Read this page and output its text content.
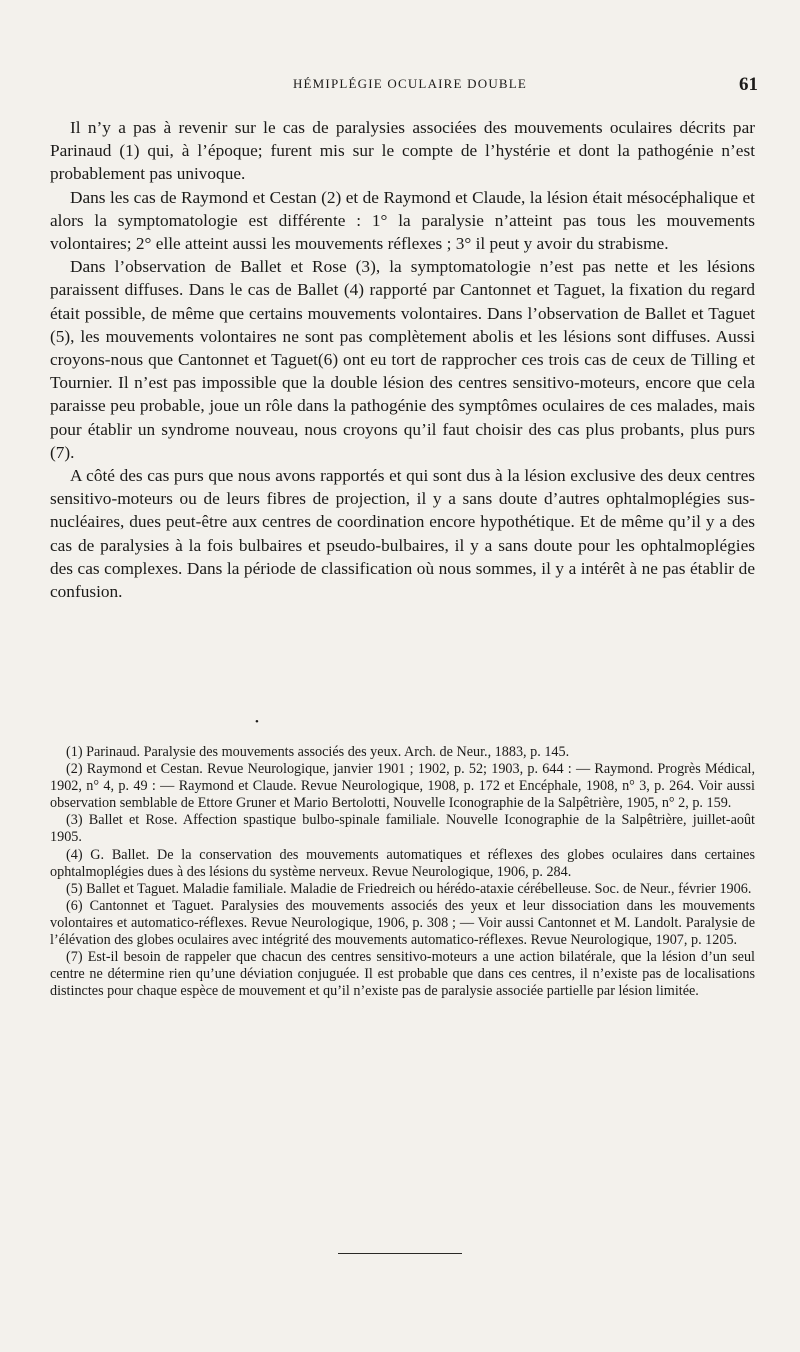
HÉMIPLÉGIE OCULAIRE DOUBLE	61

Il n’y a pas à revenir sur le cas de paralysies associées des mouvements oculaires décrits par Parinaud (1) qui, à l’époque; furent mis sur le compte de l’hystérie et dont la pathogénie n’est probablement pas univoque.

Dans les cas de Raymond et Cestan (2) et de Raymond et Claude, la lésion était mésocéphalique et alors la symptomatologie est différente : 1° la paralysie n’atteint pas tous les mouvements volontaires; 2° elle atteint aussi les mouvements réflexes ; 3° il peut y avoir du strabisme.

Dans l’observation de Ballet et Rose (3), la symptomatologie n’est pas nette et les lésions paraissent diffuses. Dans le cas de Ballet (4) rapporté par Cantonnet et Taguet, la fixation du regard était possible, de même que certains mouvements volontaires. Dans l’observation de Ballet et Taguet (5), les mouvements volontaires ne sont pas complètement abolis et les lésions sont diffuses. Aussi croyons-nous que Cantonnet et Taguet(6) ont eu tort de rapprocher ces trois cas de ceux de Tilling et Tournier. Il n’est pas impossible que la double lésion des centres sensitivo-moteurs, encore que cela paraisse peu probable, joue un rôle dans la pathogénie des symptômes oculaires de ces malades, mais pour établir un syndrome nouveau, nous croyons qu’il faut choisir des cas plus probants, plus purs (7).

A côté des cas purs que nous avons rapportés et qui sont dus à la lésion exclusive des deux centres sensitivo-moteurs ou de leurs fibres de projection, il y a sans doute d’autres ophtalmoplégies sus-nucléaires, dues peut-être aux centres de coordination encore hypothétique. Et de même qu’il y a des cas de paralysies à la fois bulbaires et pseudo-bulbaires, il y a sans doute pour les ophtalmoplégies des cas complexes. Dans la période de classification où nous sommes, il y a intérêt à ne pas établir de confusion.

•

(1) Parinaud. Paralysie des mouvements associés des yeux. Arch. de Neur., 1883, p. 145.

(2) Raymond et Cestan. Revue Neurologique, janvier 1901 ; 1902, p. 52; 1903, p. 644 : — Raymond. Progrès Médical, 1902, n° 4, p. 49 : — Raymond et Claude. Revue Neurologique, 1908, p. 172 et Encéphale, 1908, n° 3, p. 264. Voir aussi observation semblable de Ettore Gruner et Mario Bertolotti, Nouvelle Iconographie de la Salpêtrière, 1905, n° 2, p. 159.

(3) Ballet et Rose. Affection spastique bulbo-spinale familiale. Nouvelle Iconographie de la Salpêtrière, juillet-août 1905.

(4) G. Ballet. De la conservation des mouvements automatiques et réflexes des globes oculaires dans certaines ophtalmoplégies dues à des lésions du système nerveux. Revue Neurologique, 1906, p. 284.

(5) Ballet et Taguet. Maladie familiale. Maladie de Friedreich ou hérédo-ataxie cérébelleuse. Soc. de Neur., février 1906.

(6) Cantonnet et Taguet. Paralysies des mouvements associés des yeux et leur dissociation dans les mouvements volontaires et automatico-réflexes. Revue Neurologique, 1906, p. 308 ; — Voir aussi Cantonnet et M. Landolt. Paralysie de l’élévation des globes oculaires avec intégrité des mouvements automatico-réflexes. Revue Neurologique, 1907, p. 1205.

(7) Est-il besoin de rappeler que chacun des centres sensitivo-moteurs a une action bilatérale, que la lésion d’un seul centre ne détermine rien qu’une déviation conjuguée. Il est probable que dans ces centres, il n’existe pas de localisations distinctes pour chaque espèce de mouvement et qu’il n’existe pas de paralysie associée partielle par lésion limitée.
